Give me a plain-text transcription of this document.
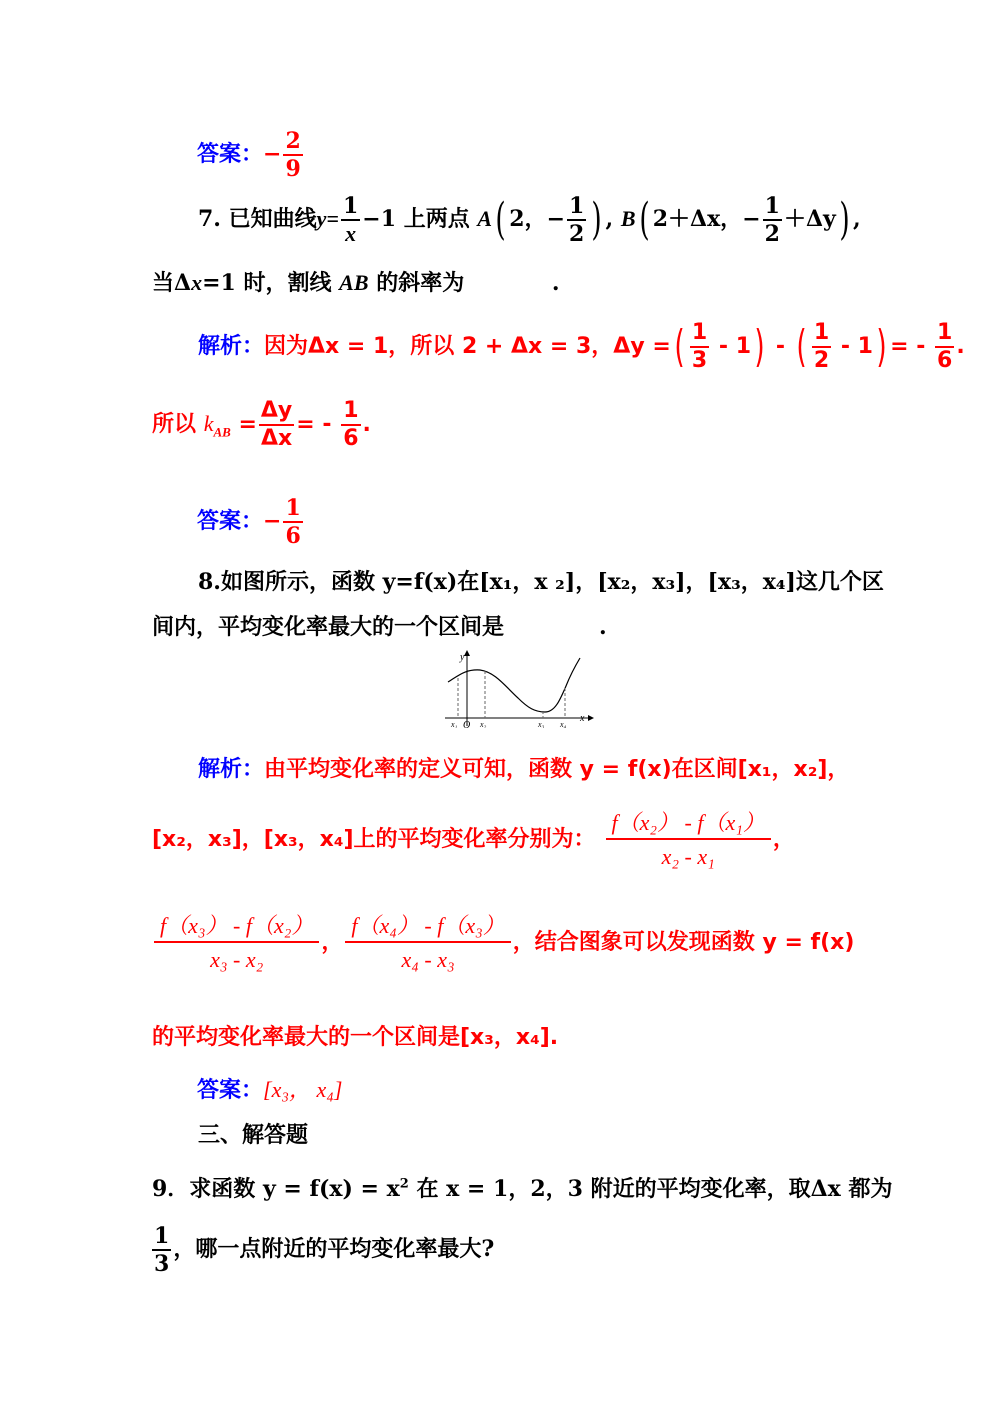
答案：− $\frac{2}{9}$
7. 已知曲线$y= \frac{1}{x} -1$ 上两点 A( 2，− $\frac{1}{2}$ ) , B( 2＋Δx，− $\frac{1}{2} +\Delta y$) ,
当Δx=1 时，割线 AB 的斜率为	.
解析：因为Δx = 1，所以 2 + Δx = 3，Δy =( $\frac{1}{3} - 1$) - ( $\frac{1}{2} - 1$) = - $\frac{1}{6}$ .
所以 $k_{AB} = \frac{\Delta y}{\Delta x}$ = - $\frac{1}{6}$ .
答案：− $\frac{1}{6}$
8.如图所示，函数 y=f(x)在[x₁，x ₂]，[x₂，x₃]，[x₃，x₄]这几个区
间内，平均变化率最大的一个区间是	.
y
x
O
x₁	x₂	x₃ x₄
解析：由平均变化率的定义可知，函数 y = f(x)在区间[x₁，x₂]，
[x₂，x₃]，[x₃，x₄]上的平均变化率分别为： $\frac{\text{f（x₂） - f（x₁）}}{\text{x₂ - x₁}}$ ，
$\frac{\text{f（x₃） - f（x₂）}}{\text{x₃ - x₂}}$ ， $\frac{\text{f（x₄） - f（x₃）}}{\text{x₄ - x₃}}$ ，结合图象可以发现函数 y = f(x)
的平均变化率最大的一个区间是[x₃，x₄].
答案：[x₃， x₄]
三、解答题
9．求函数 $y = f(x) = x^2$ 在 x = 1，2，3 附近的平均变化率，取Δx 都为
$\frac{1}{3}$ ，哪一点附近的平均变化率最大?
